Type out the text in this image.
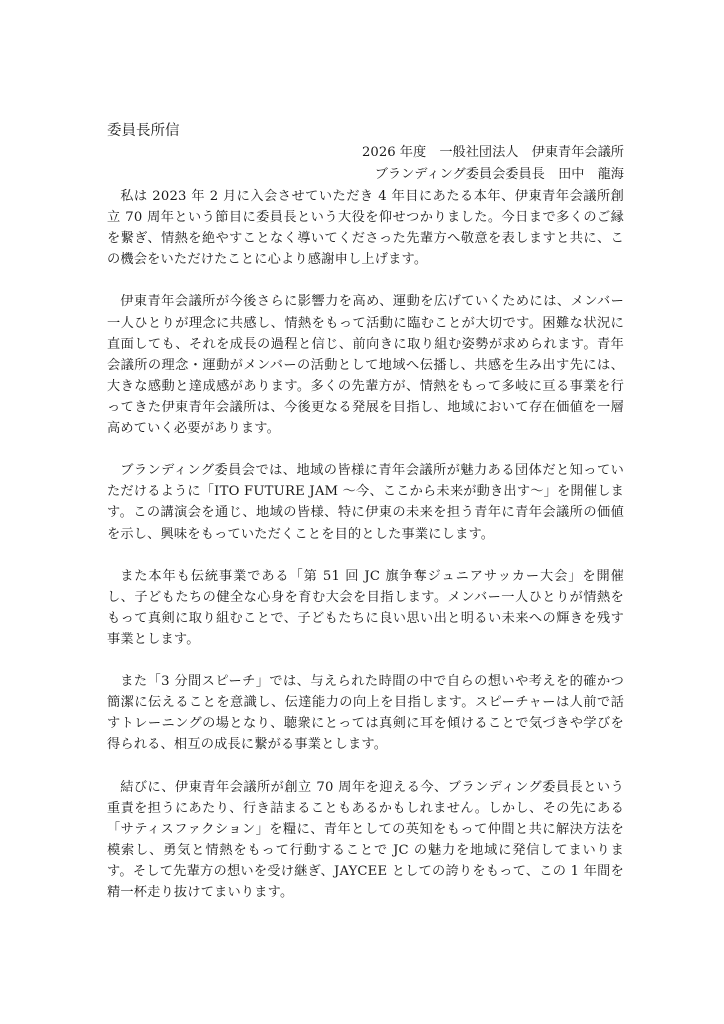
委員長所信
2026 年度　一般社団法人　伊東青年会議所
ブランディング委員会委員長 田中　龍海

私は 2023 年 2 月に入会させていただき 4 年目にあたる本年、伊東青年会議所創立 70 周年という節目に委員長という大役を仰せつかりました。今日まで多くのご縁を繋ぎ、情熱を絶やすことなく導いてくださった先輩方へ敬意を表しますと共に、この機会をいただけたことに心より感謝申し上げます。

伊東青年会議所が今後さらに影響力を高め、運動を広げていくためには、メンバー一人ひとりが理念に共感し、情熱をもって活動に臨むことが大切です。困難な状況に直面しても、それを成長の過程と信じ、前向きに取り組む姿勢が求められます。青年会議所の理念・運動がメンバーの活動として地域へ伝播し、共感を生み出す先には、大きな感動と達成感があります。多くの先輩方が、情熱をもって多岐に亘る事業を行ってきた伊東青年会議所は、今後更なる発展を目指し、地域において存在価値を一層高めていく必要があります。

ブランディング委員会では、地域の皆様に青年会議所が魅力ある団体だと知っていただけるように「ITO FUTURE JAM 〜今、ここから未来が動き出す〜」を開催します。この講演会を通じ、地域の皆様、特に伊東の未来を担う青年に青年会議所の価値を示し、興味をもっていただくことを目的とした事業にします。

また本年も伝統事業である「第 51 回 JC 旗争奪ジュニアサッカー大会」を開催し、子どもたちの健全な心身を育む大会を目指します。メンバー一人ひとりが情熱をもって真剣に取り組むことで、子どもたちに良い思い出と明るい未来への輝きを残す事業とします。

また「3 分間スピーチ」では、与えられた時間の中で自らの想いや考えを的確かつ簡潔に伝えることを意識し、伝達能力の向上を目指します。スピーチャーは人前で話すトレーニングの場となり、聴衆にとっては真剣に耳を傾けることで気づきや学びを得られる、相互の成長に繋がる事業とします。

結びに、伊東青年会議所が創立 70 周年を迎える今、ブランディング委員長という重責を担うにあたり、行き詰まることもあるかもしれません。しかし、その先にある「サティスファクション」を糧に、青年としての英知をもって仲間と共に解決方法を模索し、勇気と情熱をもって行動することで JC の魅力を地域に発信してまいります。そして先輩方の想いを受け継ぎ、JAYCEE としての誇りをもって、この 1 年間を精一杯走り抜けてまいります。
